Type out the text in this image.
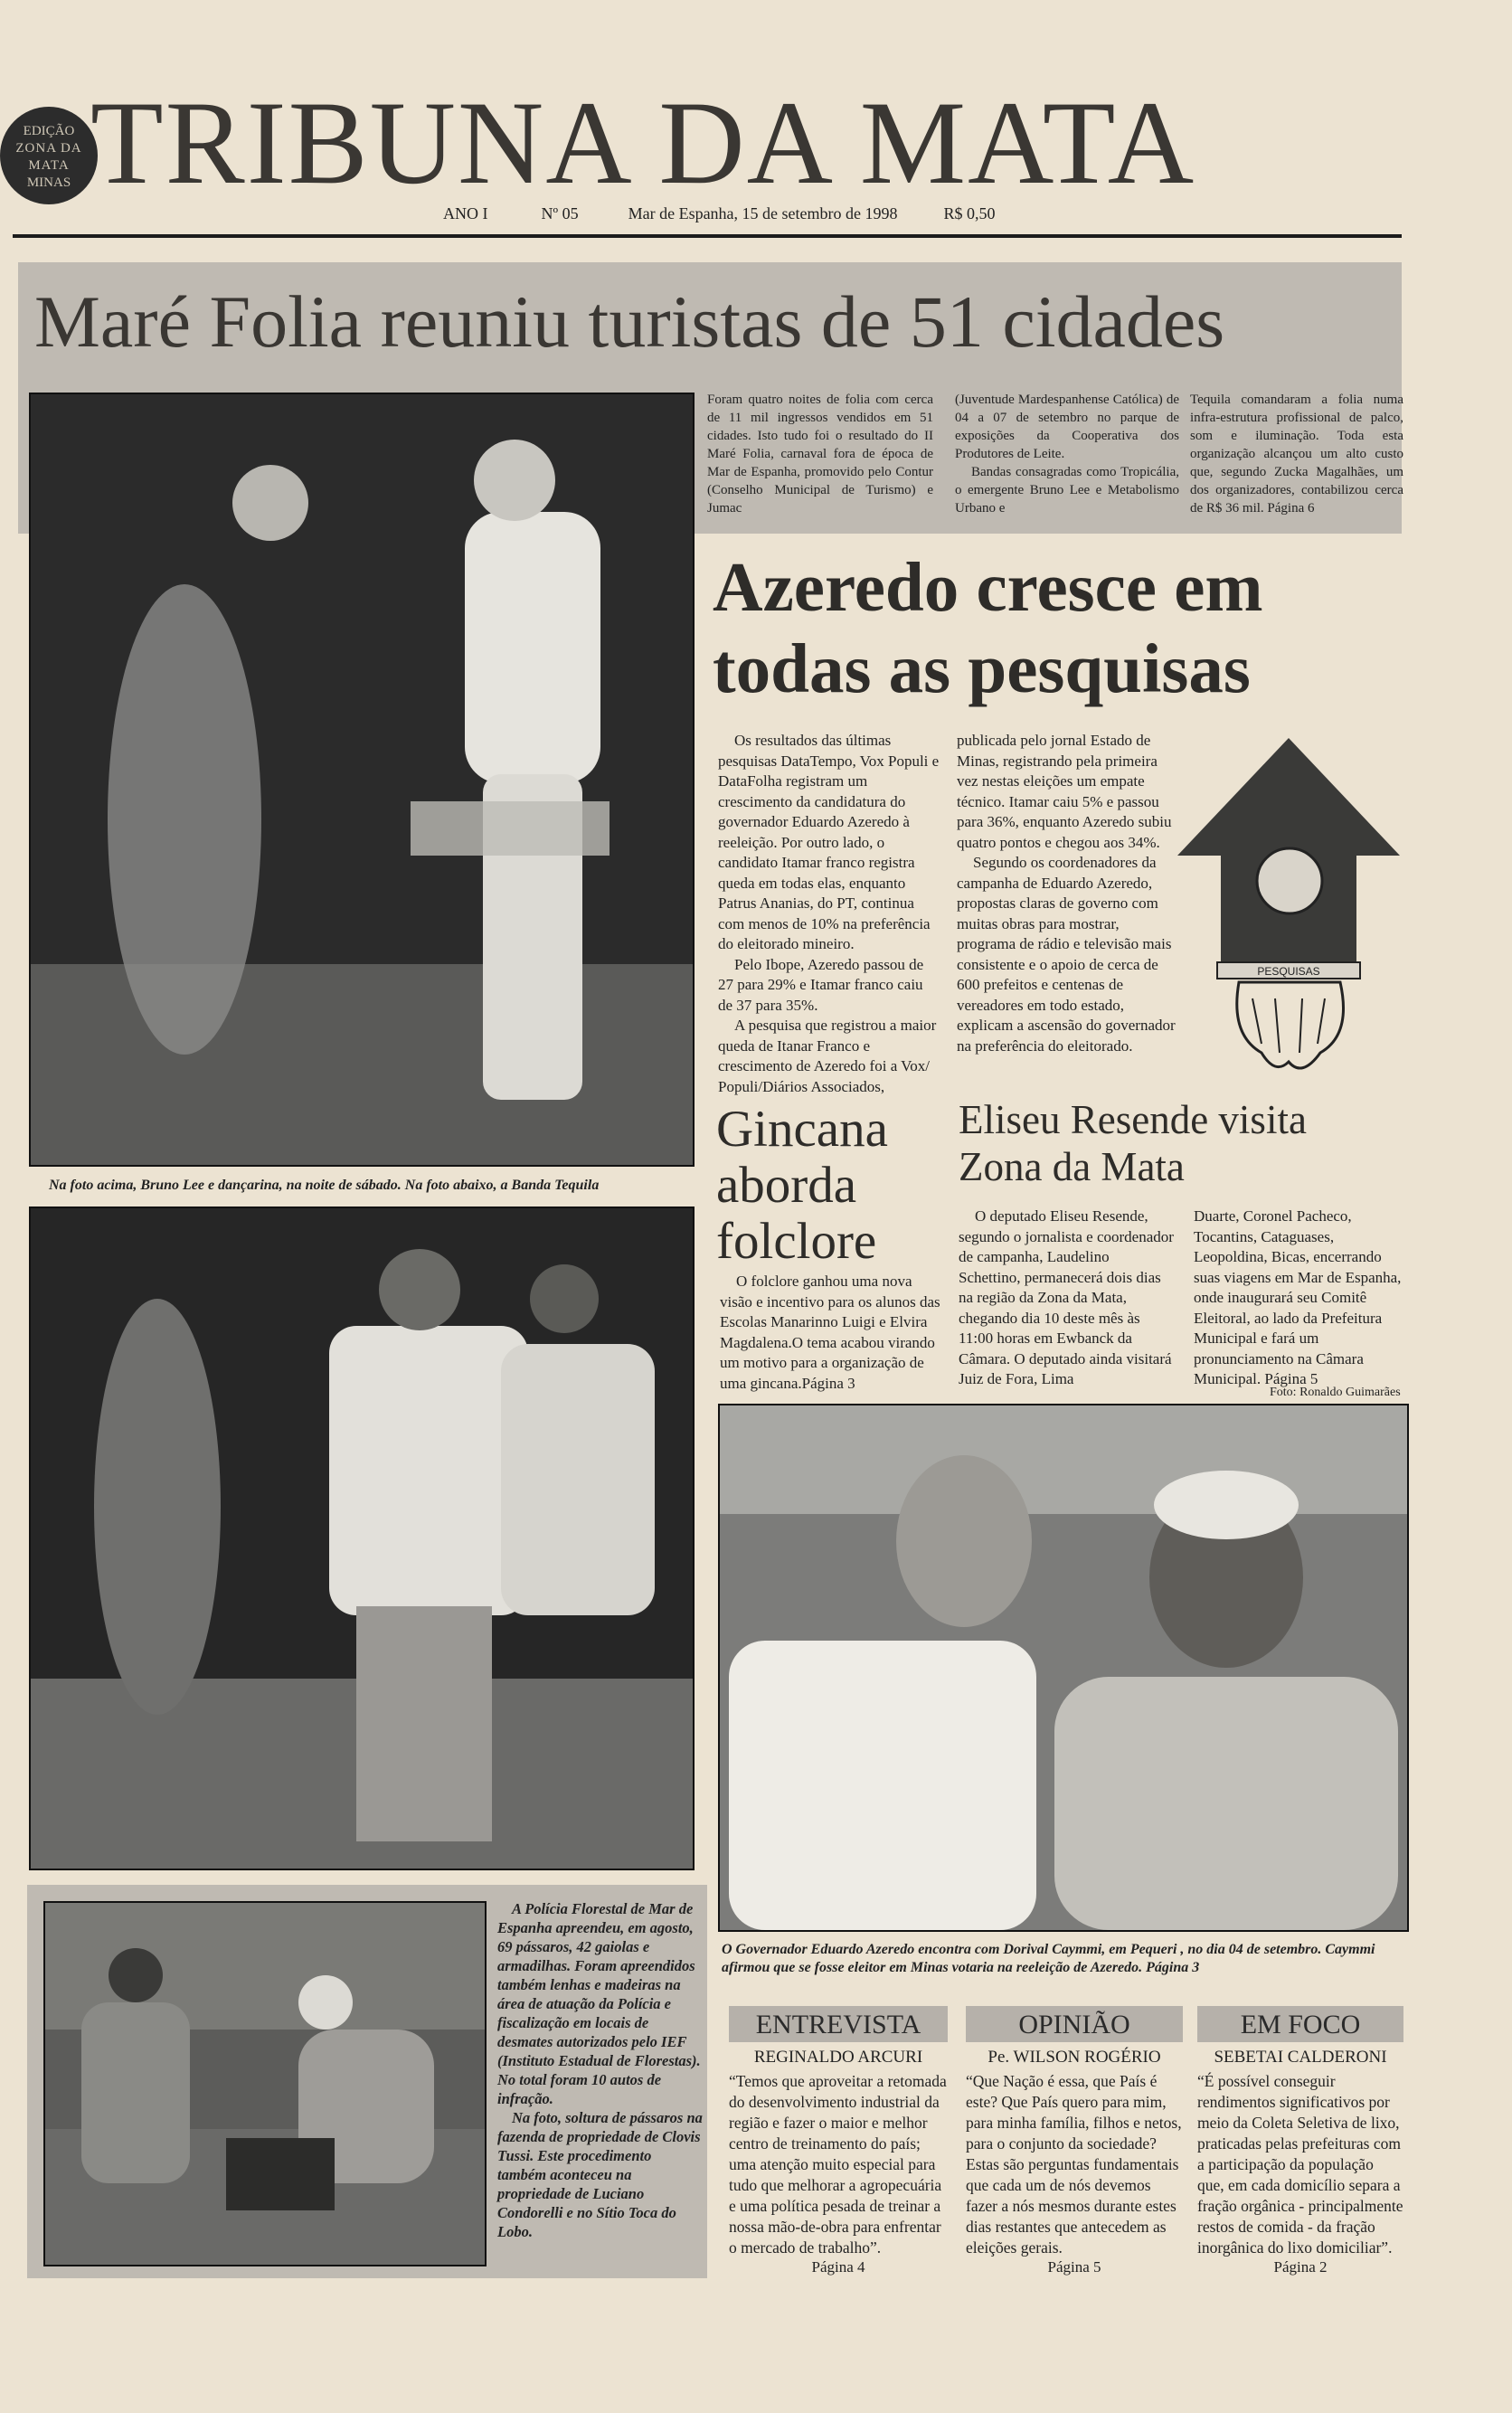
EDIÇÃO
ZONA DA MATA
MINAS TRIBUNA DA MATA
ANO I	Nº 05	Mar de Espanha, 15 de setembro de 1998	R$ 0,50
Maré Folia reuniu turistas de 51 cidades
Foram quatro noites de folia com cerca de 11 mil ingressos vendidos em 51 cidades. Isto tudo foi o resultado do II Maré Folia, carnaval fora de época de Mar de Espanha, promovido pelo Contur (Conselho Municipal de Turismo) e Jumac
(Juventude Mardespanhense Católica) de 04 a 07 de setembro no parque de exposições da Cooperativa dos Produtores de Leite.
Bandas consagradas como Tropicália, o emergente Bruno Lee e Metabolismo Urbano e
Tequila comandaram a folia numa infra-estrutura profissional de palco, som e iluminação. Toda esta organização alcançou um alto custo que, segundo Zucka Magalhães, um dos organizadores, contabilizou cerca de R$ 36 mil. Página 6
Na foto acima, Bruno Lee e dançarina, na noite de sábado. Na foto abaixo, a Banda Tequila
Azeredo cresce em
todas as pesquisas
Os resultados das últimas pesquisas DataTempo, Vox Populi e DataFolha registram um crescimento da candidatura do governador Eduardo Azeredo à reeleição. Por outro lado, o candidato Itamar franco registra queda em todas elas, enquanto Patrus Ananias, do PT, continua com menos de 10% na preferência do eleitorado mineiro.
Pelo Ibope, Azeredo passou de 27 para 29% e Itamar franco caiu de 37 para 35%.
A pesquisa que registrou a maior queda de Itanar Franco e crescimento de Azeredo foi a Vox/ Populi/Diários Associados,
publicada pelo jornal Estado de Minas, registrando pela primeira vez nestas eleições um empate técnico. Itamar caiu 5% e passou para 36%, enquanto Azeredo subiu quatro pontos e chegou aos 34%.
Segundo os coordenadores da campanha de Eduardo Azeredo, propostas claras de governo com muitas obras para mostrar, programa de rádio e televisão mais consistente e o apoio de cerca de 600 prefeitos e centenas de vereadores em todo estado, explicam a ascensão do governador na preferência do eleitorado.
PESQUISAS
Gincana
aborda
folclore
O folclore ganhou uma nova visão e incentivo para os alunos das Escolas Manarinno Luigi e Elvira Magdalena.O tema acabou virando um motivo para a organização de uma gincana.Página 3
Eliseu Resende visita
Zona da Mata
O deputado Eliseu Resende, segundo o jornalista e coordenador de campanha, Laudelino Schettino, permanecerá dois dias na região da Zona da Mata, chegando dia 10 deste mês às 11:00 horas em Ewbanck da Câmara. O deputado ainda visitará Juiz de Fora, Lima
Duarte, Coronel Pacheco, Tocantins, Cataguases, Leopoldina, Bicas, encerrando suas viagens em Mar de Espanha, onde inaugurará seu Comitê Eleitoral, ao lado da Prefeitura Municipal e fará um pronunciamento na Câmara Municipal. Página 5
Foto: Ronaldo Guimarães
O Governador Eduardo Azeredo encontra com Dorival Caymmi, em Pequeri , no dia 04 de setembro. Caymmi afirmou que se fosse eleitor em Minas votaria na reeleição de Azeredo. Página 3
A Polícia Florestal de Mar de Espanha apreendeu, em agosto, 69 pássaros, 42 gaiolas e armadilhas. Foram apreendidos também lenhas e madeiras na área de atuação da Polícia e fiscalização em locais de desmates autorizados pelo IEF (Instituto Estadual de Florestas). No total foram 10 autos de infração.
Na foto, soltura de pássaros na fazenda de propriedade de Clovis Tussi. Este procedimento também aconteceu na propriedade de Luciano Condorelli e no Sítio Toca do Lobo.
ENTREVISTA
REGINALDO ARCURI
“Temos que aproveitar a retomada do desenvolvimento industrial da região e fazer o maior e melhor centro de treinamento do país; uma atenção muito especial para tudo que melhorar a agropecuária e uma política pesada de treinar a nossa mão-de-obra para enfrentar o mercado de trabalho”.
Página 4
OPINIÃO
Pe. WILSON ROGÉRIO
“Que Nação é essa, que País é este? Que País quero para mim, para minha família, filhos e netos, para o conjunto da sociedade? Estas são perguntas fundamentais que cada um de nós devemos fazer a nós mesmos durante estes dias restantes que antecedem as eleições gerais.
Página 5
EM FOCO
SEBETAI CALDERONI
“É possível conseguir rendimentos significativos por meio da Coleta Seletiva de lixo, praticadas pelas prefeituras com a participação da população que, em cada domicílio separa a fração orgânica - principalmente restos de comida - da fração inorgânica do lixo domiciliar”.
Página 2
